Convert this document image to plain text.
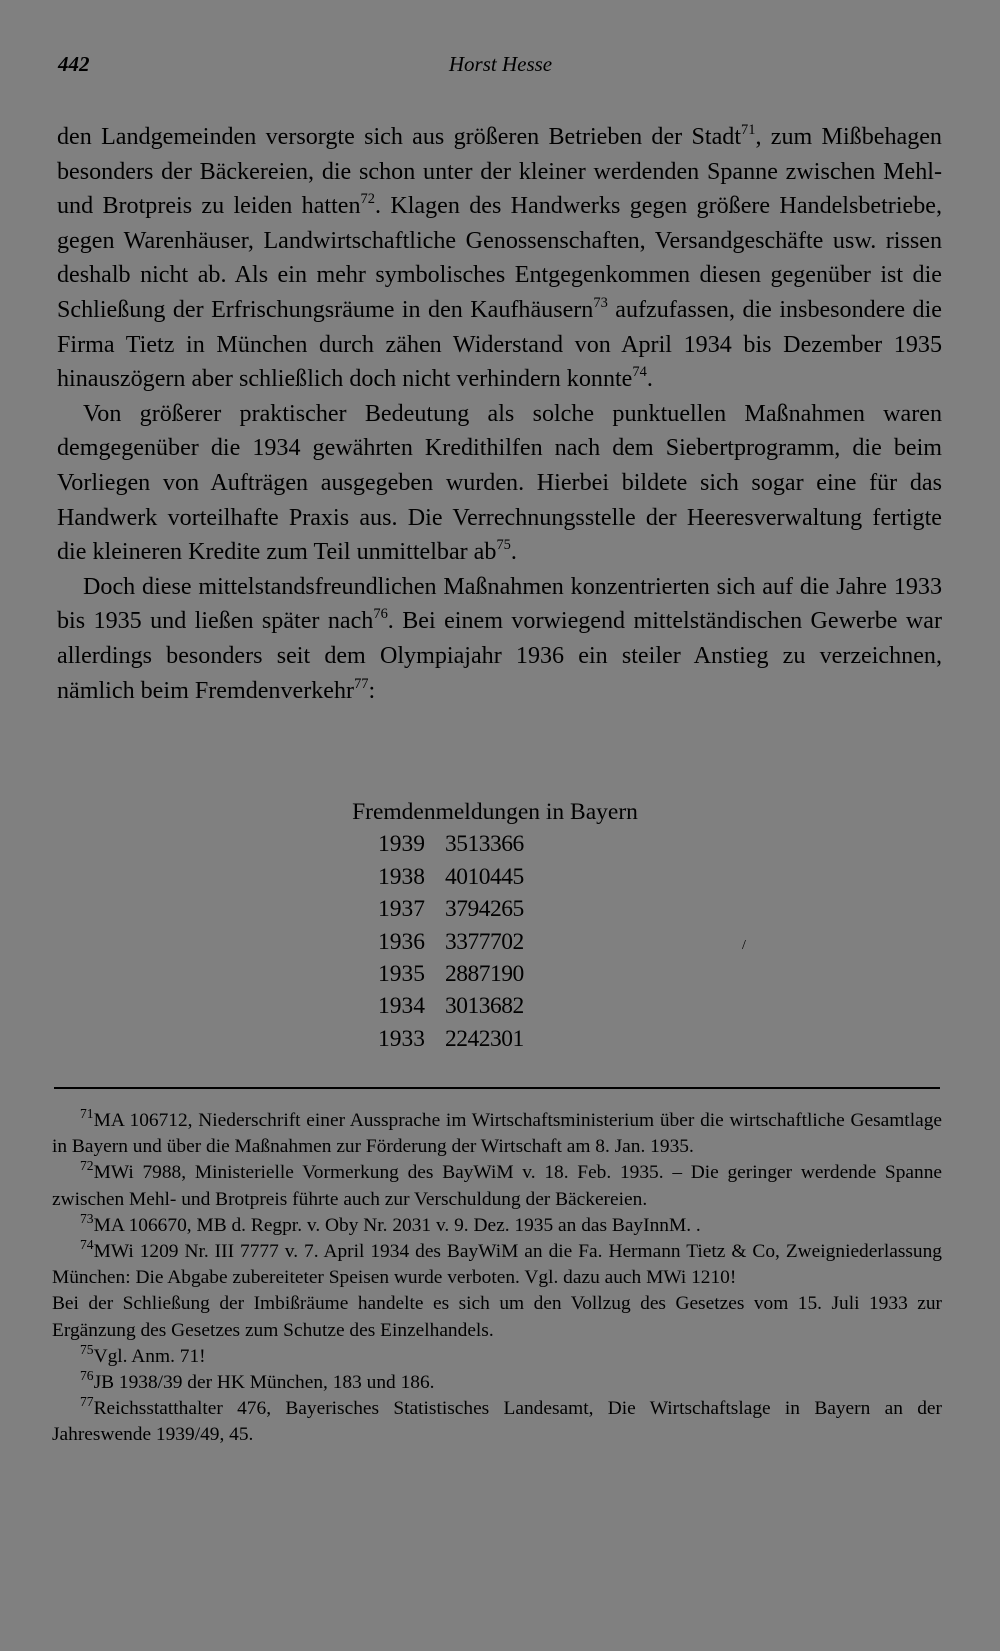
442	Horst Hesse

den Landgemeinden versorgte sich aus größeren Betrieben der Stadt$^{71}$, zum Mißbehagen besonders der Bäckereien, die schon unter der kleiner werdenden Spanne zwischen Mehl- und Brotpreis zu leiden hatten$^{72}$. Klagen des Handwerks gegen größere Handelsbetriebe, gegen Warenhäuser, Landwirtschaftliche Genossenschaften, Versandgeschäfte usw. rissen deshalb nicht ab. Als ein mehr symbolisches Entgegenkommen diesen gegenüber ist die Schließung der Erfrischungsräume in den Kaufhäusern$^{73}$ aufzufassen, die insbesondere die Firma Tietz in München durch zähen Widerstand von April 1934 bis Dezember 1935 hinauszögern aber schließlich doch nicht verhindern konnte$^{74}$.

Von größerer praktischer Bedeutung als solche punktuellen Maßnahmen waren demgegenüber die 1934 gewährten Kredithilfen nach dem Siebertprogramm, die beim Vorliegen von Aufträgen ausgegeben wurden. Hierbei bildete sich sogar eine für das Handwerk vorteilhafte Praxis aus. Die Verrechnungsstelle der Heeresverwaltung fertigte die kleineren Kredite zum Teil unmittelbar $ab^{75}$.

Doch diese mittelstandsfreundlichen Maßnahmen konzentrierten sich auf die Jahre 1933 bis 1935 und ließen später nach$^{76}$. Bei einem vorwiegend mittelständischen Gewerbe war allerdings besonders seit dem Olympiajahr 1936 ein steiler Anstieg zu verzeichnen, nämlich beim Fremdenverkehr$^{77}$:

Fremdenmeldungen in Bayern
1939 3513366
1938 4010445
1937 3794265
1936 3377702
1935 2887190
1934 3013682
1933 2242301
/

$^{71}$MA 106712, Niederschrift einer Aussprache im Wirtschaftsministerium über die wirtschaftliche Gesamtlage in Bayern und über die Maßnahmen zur Förderung der Wirtschaft am 8. Jan. 1935.

$^{72}$MWi 7988, Ministerielle Vormerkung des BayWiM v. 18. Feb. 1935. – Die geringer werdende Spanne zwischen Mehl- und Brotpreis führte auch zur Verschuldung der Bäckereien.

$^{73}$MA 106670, MB d. Regpr. v. Oby Nr. 2031 v. 9. Dez. 1935 an das BayInnM. .

$^{74}$MWi 1209 Nr. III 7777 v. 7. April 1934 des BayWiM an die Fa. Hermann Tietz & Co, Zweigniederlassung München: Die Abgabe zubereiteter Speisen wurde verboten. Vgl. dazu auch MWi 1210!

Bei der Schließung der Imbißräume handelte es sich um den Vollzug des Gesetzes vom 15. Juli 1933 zur Ergänzung des Gesetzes zum Schutze des Einzelhandels.

$^{75}$Vgl. Anm. 71!

$^{76}$JB 1938/39 der HK München, 183 und 186.

$^{77}$Reichsstatthalter 476, Bayerisches Statistisches Landesamt, Die Wirtschaftslage in Bayern an der Jahreswende 1939/49, 45.
